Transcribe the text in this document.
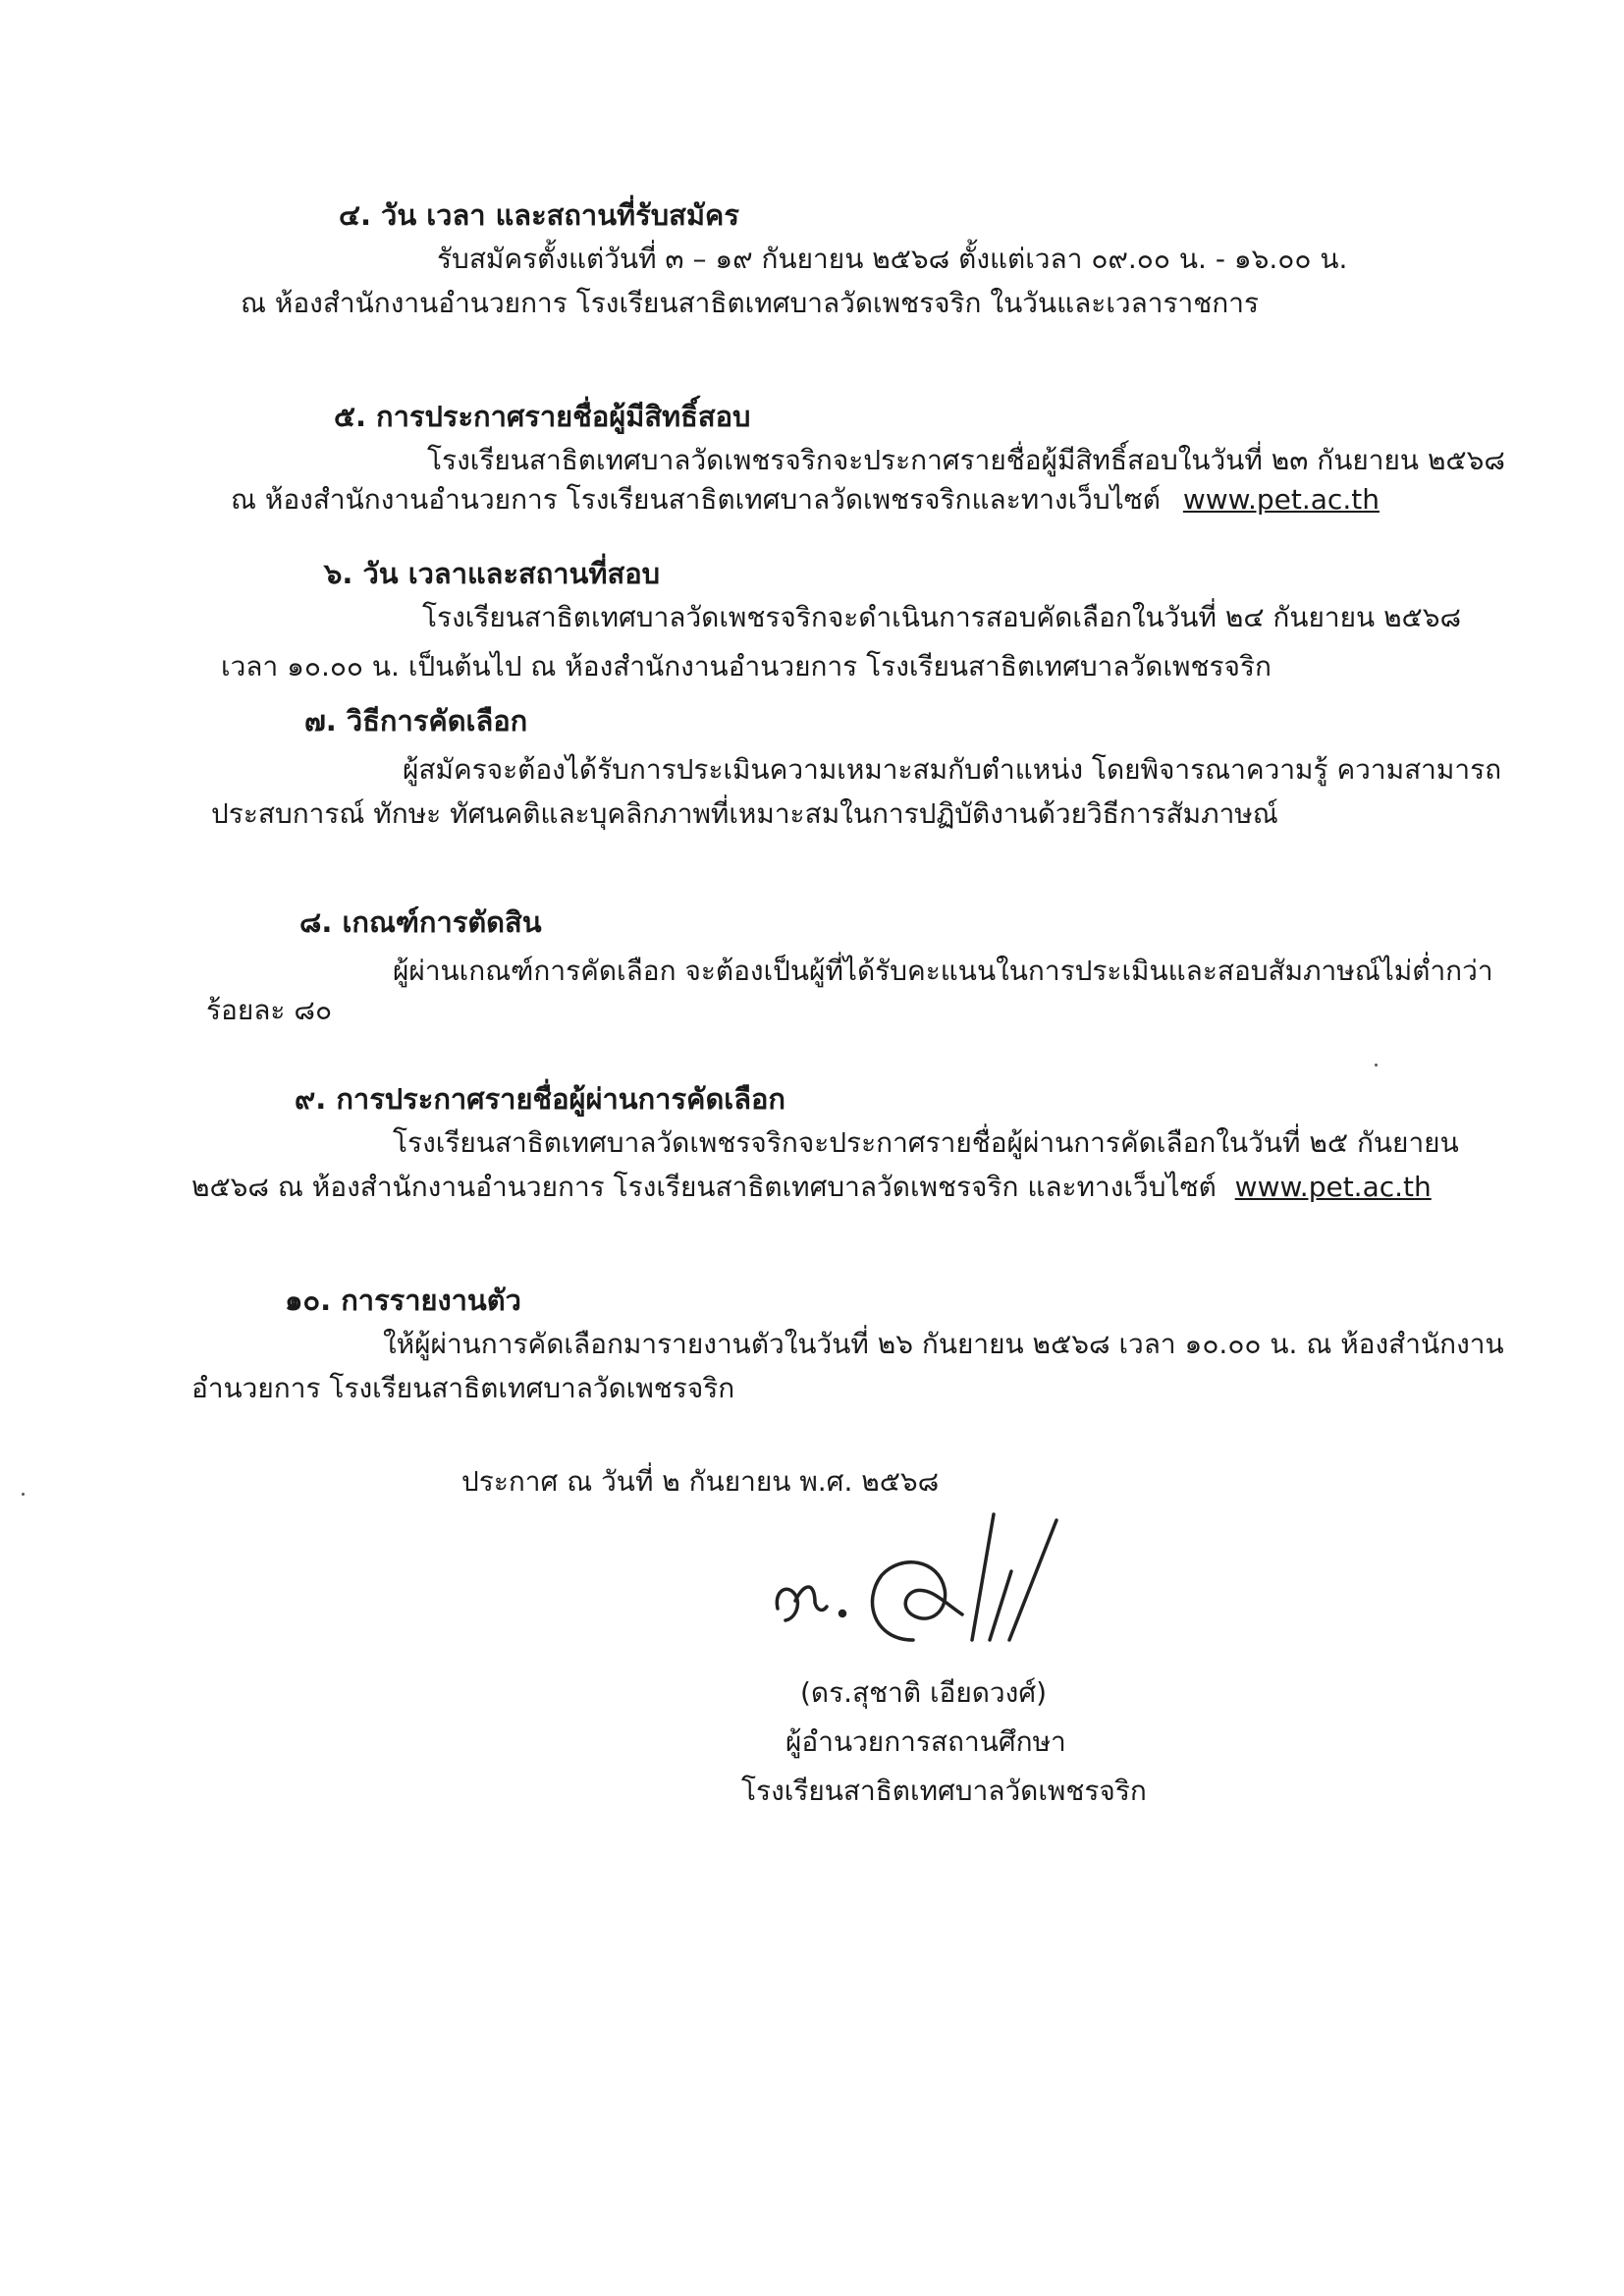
๔. วัน เวลา และสถานที่รับสมัคร
รับสมัครตั้งแต่วันที่ ๓ – ๑๙ กันยายน ๒๕๖๘ ตั้งแต่เวลา ๐๙.๐๐ น. - ๑๖.๐๐ น.
ณ ห้องสำนักงานอำนวยการ โรงเรียนสาธิตเทศบาลวัดเพชรจริก ในวันและเวลาราชการ
๕. การประกาศรายชื่อผู้มีสิทธิ์สอบ
โรงเรียนสาธิตเทศบาลวัดเพชรจริกจะประกาศรายชื่อผู้มีสิทธิ์สอบในวันที่ ๒๓ กันยายน ๒๕๖๘
ณ ห้องสำนักงานอำนวยการ โรงเรียนสาธิตเทศบาลวัดเพชรจริกและทางเว็บไซต์ www.pet.ac.th
๖. วัน เวลาและสถานที่สอบ
โรงเรียนสาธิตเทศบาลวัดเพชรจริกจะดำเนินการสอบคัดเลือกในวันที่ ๒๔ กันยายน ๒๕๖๘
เวลา ๑๐.๐๐ น. เป็นต้นไป ณ ห้องสำนักงานอำนวยการ โรงเรียนสาธิตเทศบาลวัดเพชรจริก
๗. วิธีการคัดเลือก
ผู้สมัครจะต้องได้รับการประเมินความเหมาะสมกับตำแหน่ง โดยพิจารณาความรู้ ความสามารถ
ประสบการณ์ ทักษะ ทัศนคติและบุคลิกภาพที่เหมาะสมในการปฏิบัติงานด้วยวิธีการสัมภาษณ์
๘. เกณฑ์การตัดสิน
ผู้ผ่านเกณฑ์การคัดเลือก จะต้องเป็นผู้ที่ได้รับคะแนนในการประเมินและสอบสัมภาษณ์ไม่ต่ำกว่า
ร้อยละ ๘๐
๙. การประกาศรายชื่อผู้ผ่านการคัดเลือก
โรงเรียนสาธิตเทศบาลวัดเพชรจริกจะประกาศรายชื่อผู้ผ่านการคัดเลือกในวันที่ ๒๕ กันยายน
๒๕๖๘ ณ ห้องสำนักงานอำนวยการ โรงเรียนสาธิตเทศบาลวัดเพชรจริก และทางเว็บไซต์ www.pet.ac.th
๑๐. การรายงานตัว
ให้ผู้ผ่านการคัดเลือกมารายงานตัวในวันที่ ๒๖ กันยายน ๒๕๖๘ เวลา ๑๐.๐๐ น. ณ ห้องสำนักงาน
อำนวยการ โรงเรียนสาธิตเทศบาลวัดเพชรจริก
ประกาศ ณ วันที่ ๒ กันยายน พ.ศ. ๒๕๖๘
(ดร.สุชาติ เอียดวงศ์)
ผู้อำนวยการสถานศึกษา
โรงเรียนสาธิตเทศบาลวัดเพชรจริก
